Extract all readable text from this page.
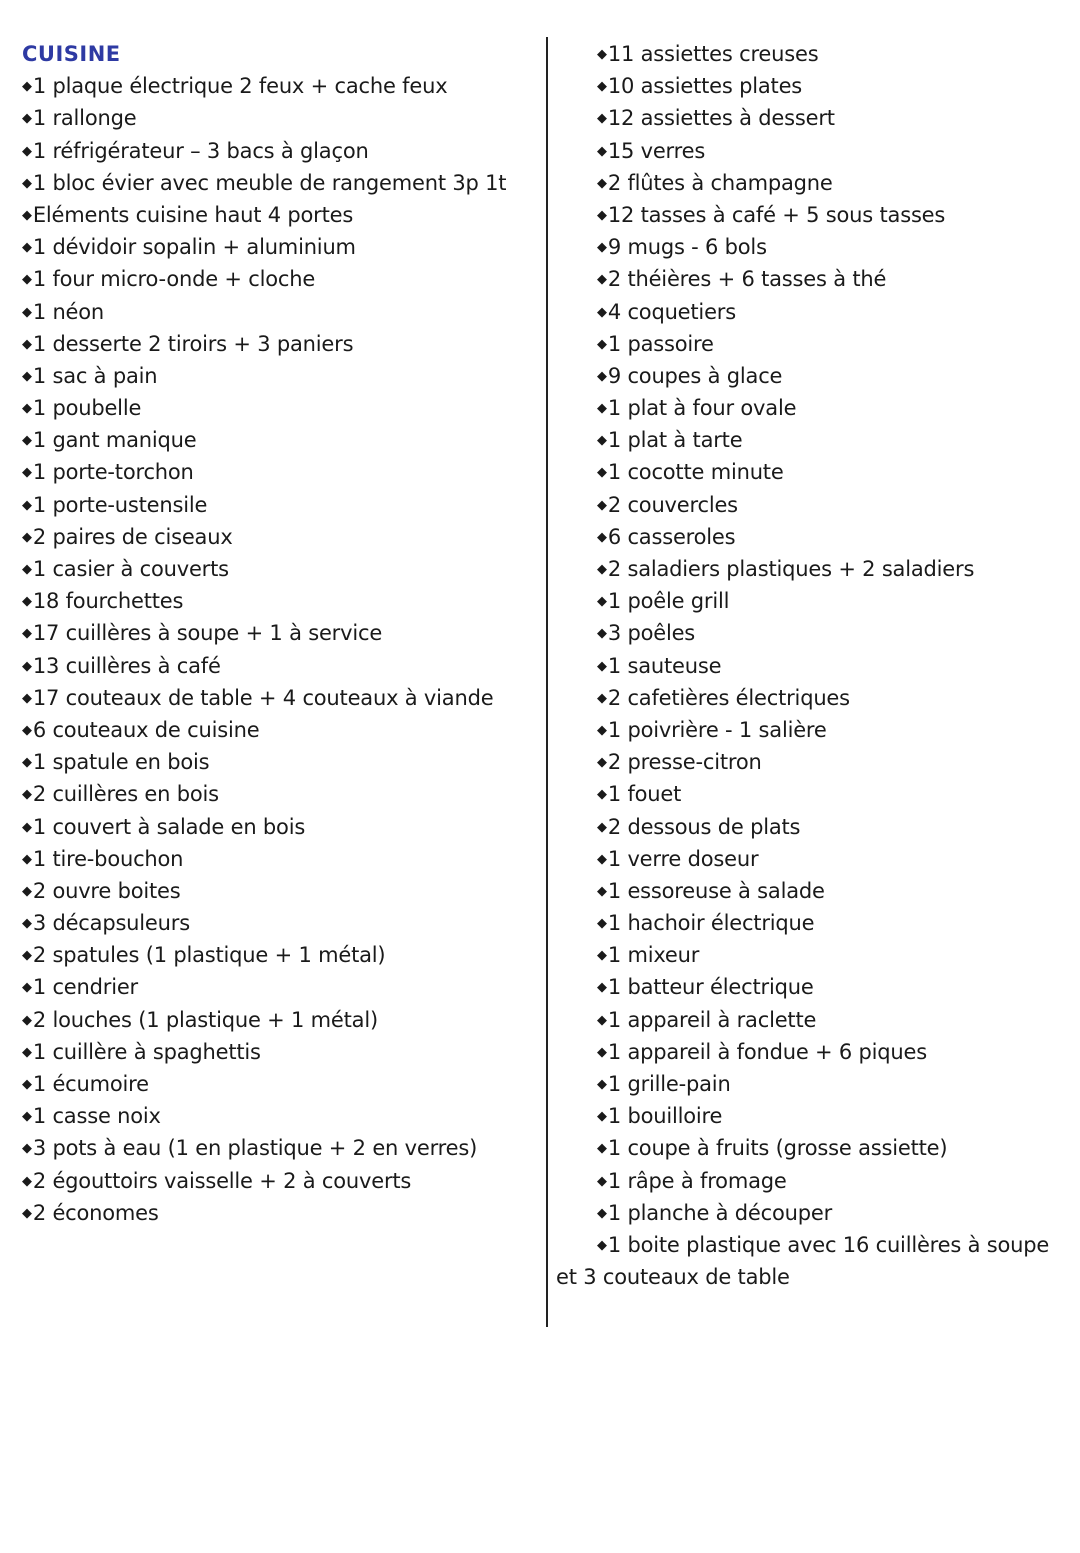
CUISINE
◆1 plaque électrique 2 feux + cache feux
◆1 rallonge
◆1 réfrigérateur – 3 bacs à glaçon
◆1 bloc évier avec meuble de rangement 3p 1t
◆Eléments cuisine haut 4 portes
◆1 dévidoir sopalin + aluminium
◆1 four micro-onde + cloche
◆1 néon
◆1 desserte 2 tiroirs + 3 paniers
◆1 sac à pain
◆1 poubelle
◆1 gant manique
◆1 porte-torchon
◆1 porte-ustensile
◆2 paires de ciseaux
◆1 casier à couverts
◆18 fourchettes
◆17 cuillères à soupe + 1 à service
◆13 cuillères à café
◆17 couteaux de table + 4 couteaux à viande
◆6 couteaux de cuisine
◆1 spatule en bois
◆2 cuillères en bois
◆1 couvert à salade en bois
◆1 tire-bouchon
◆2 ouvre boites
◆3 décapsuleurs
◆2 spatules (1 plastique + 1 métal)
◆1 cendrier
◆2 louches (1 plastique + 1 métal)
◆1 cuillère à spaghettis
◆1 écumoire
◆1 casse noix
◆3 pots à eau (1 en plastique + 2 en verres)
◆2 égouttoirs vaisselle + 2 à couverts
◆2 économes
◆11 assiettes creuses
◆10 assiettes plates
◆12 assiettes à dessert
◆15 verres
◆2 flûtes à champagne
◆12 tasses à café + 5 sous tasses
◆9 mugs - 6 bols
◆2 théières + 6 tasses à thé
◆4 coquetiers
◆1 passoire
◆9 coupes à glace
◆1 plat à four ovale
◆1 plat à tarte
◆1 cocotte minute
◆2 couvercles
◆6 casseroles
◆2 saladiers plastiques + 2 saladiers
◆1 poêle grill
◆3 poêles
◆1 sauteuse
◆2 cafetières électriques
◆1 poivrière - 1 salière
◆2 presse-citron
◆1 fouet
◆2 dessous de plats
◆1 verre doseur
◆1 essoreuse à salade
◆1 hachoir électrique
◆1 mixeur
◆1 batteur électrique
◆1 appareil à raclette
◆1 appareil à fondue + 6 piques
◆1 grille-pain
◆1 bouilloire
◆1 coupe à fruits (grosse assiette)
◆1 râpe à fromage
◆1 planche à découper
◆1 boite plastique avec 16 cuillères à soupe
et 3 couteaux de table
